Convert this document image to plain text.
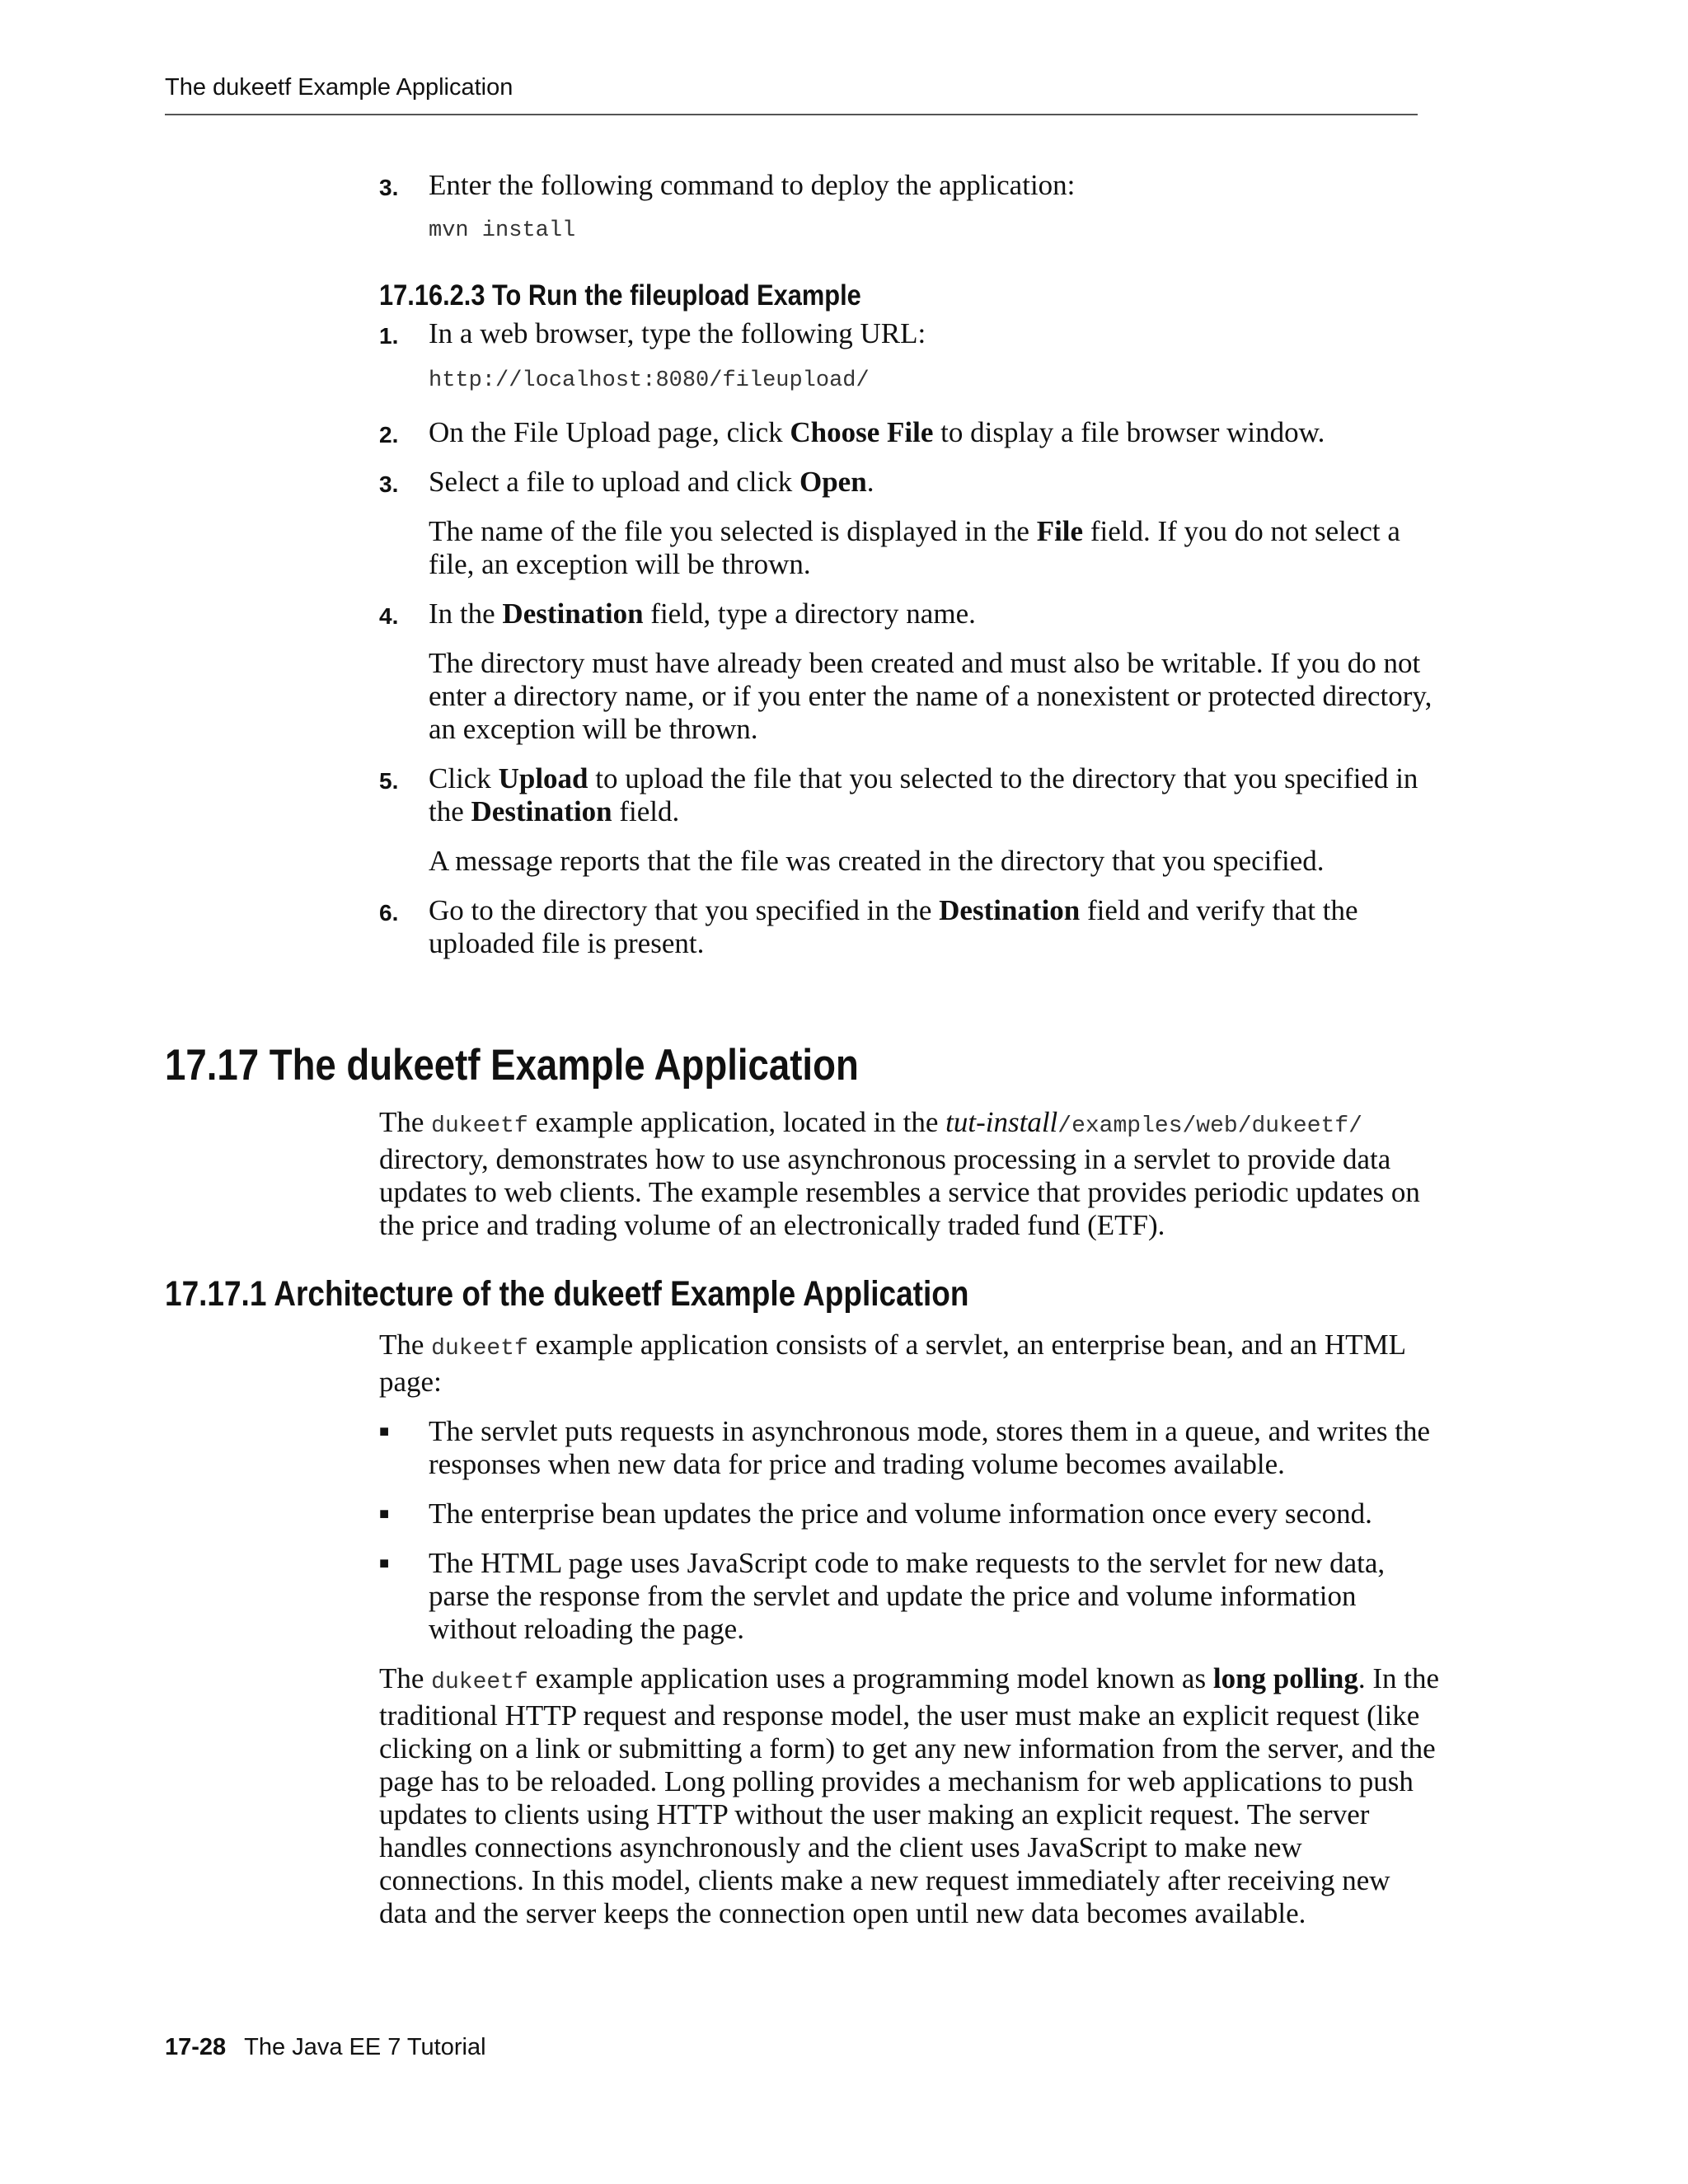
The dukeetf Example Application
3.	Enter the following command to deploy the application:
mvn install
17.16.2.3 To Run the fileupload Example
1.	In a web browser, type the following URL:
http://localhost:8080/fileupload/
2.	On the File Upload page, click Choose File to display a file browser window.
3.	Select a file to upload and click Open.
The name of the file you selected is displayed in the File field. If you do not select a file, an exception will be thrown.
4.	In the Destination field, type a directory name.
The directory must have already been created and must also be writable. If you do not enter a directory name, or if you enter the name of a nonexistent or protected directory, an exception will be thrown.
5.	Click Upload to upload the file that you selected to the directory that you specified in the Destination field.
A message reports that the file was created in the directory that you specified.
6.	Go to the directory that you specified in the Destination field and verify that the uploaded file is present.
17.17 The dukeetf Example Application
The dukeetf example application, located in the tut-install/examples/web/dukeetf/ directory, demonstrates how to use asynchronous processing in a servlet to provide data updates to web clients. The example resembles a service that provides periodic updates on the price and trading volume of an electronically traded fund (ETF).
17.17.1 Architecture of the dukeetf Example Application
The dukeetf example application consists of a servlet, an enterprise bean, and an HTML page:
■	The servlet puts requests in asynchronous mode, stores them in a queue, and writes the responses when new data for price and trading volume becomes available.
■	The enterprise bean updates the price and volume information once every second.
■	The HTML page uses JavaScript code to make requests to the servlet for new data, parse the response from the servlet and update the price and volume information without reloading the page.
The dukeetf example application uses a programming model known as long polling. In the traditional HTTP request and response model, the user must make an explicit request (like clicking on a link or submitting a form) to get any new information from the server, and the page has to be reloaded. Long polling provides a mechanism for web applications to push updates to clients using HTTP without the user making an explicit request. The server handles connections asynchronously and the client uses JavaScript to make new connections. In this model, clients make a new request immediately after receiving new data and the server keeps the connection open until new data becomes available.
17-28 The Java EE 7 Tutorial
